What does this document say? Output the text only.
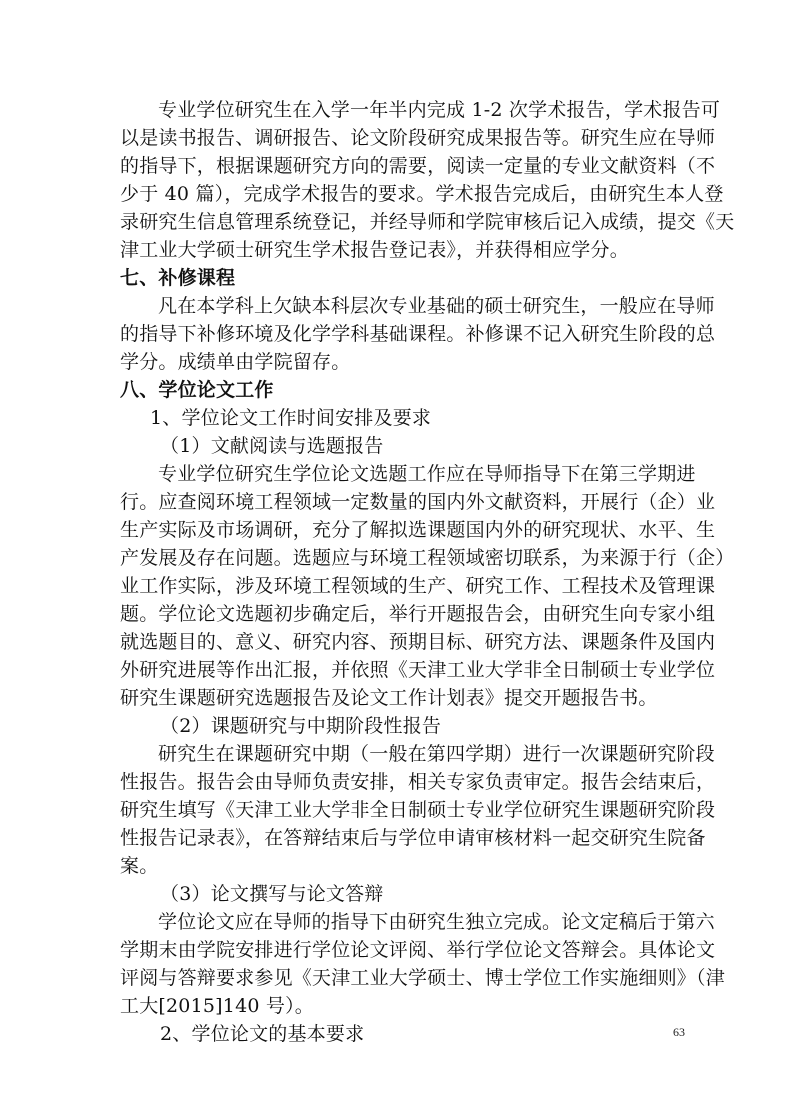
专业学位研究生在入学一年半内完成 1-2 次学术报告，学术报告可
以是读书报告、调研报告、论文阶段研究成果报告等。研究生应在导师
的指导下，根据课题研究方向的需要，阅读一定量的专业文献资料（不
少于 40 篇），完成学术报告的要求。学术报告完成后，由研究生本人登
录研究生信息管理系统登记，并经导师和学院审核后记入成绩，提交《天
津工业大学硕士研究生学术报告登记表》，并获得相应学分。
七、补修课程
凡在本学科上欠缺本科层次专业基础的硕士研究生，一般应在导师
的指导下补修环境及化学学科基础课程。补修课不记入研究生阶段的总
学分。成绩单由学院留存。
八、学位论文工作
1、学位论文工作时间安排及要求
（1）文献阅读与选题报告
专业学位研究生学位论文选题工作应在导师指导下在第三学期进
行。应查阅环境工程领域一定数量的国内外文献资料，开展行（企）业
生产实际及市场调研，充分了解拟选课题国内外的研究现状、水平、生
产发展及存在问题。选题应与环境工程领域密切联系，为来源于行（企）
业工作实际，涉及环境工程领域的生产、研究工作、工程技术及管理课
题。学位论文选题初步确定后，举行开题报告会，由研究生向专家小组
就选题目的、意义、研究内容、预期目标、研究方法、课题条件及国内
外研究进展等作出汇报，并依照《天津工业大学非全日制硕士专业学位
研究生课题研究选题报告及论文工作计划表》提交开题报告书。
（2）课题研究与中期阶段性报告
研究生在课题研究中期（一般在第四学期）进行一次课题研究阶段
性报告。报告会由导师负责安排，相关专家负责审定。报告会结束后，
研究生填写《天津工业大学非全日制硕士专业学位研究生课题研究阶段
性报告记录表》，在答辩结束后与学位申请审核材料一起交研究生院备
案。
（3）论文撰写与论文答辩
学位论文应在导师的指导下由研究生独立完成。论文定稿后于第六
学期末由学院安排进行学位论文评阅、举行学位论文答辩会。具体论文
评阅与答辩要求参见《天津工业大学硕士、博士学位工作实施细则》（津
工大[2015]140 号）。
2、学位论文的基本要求	63
